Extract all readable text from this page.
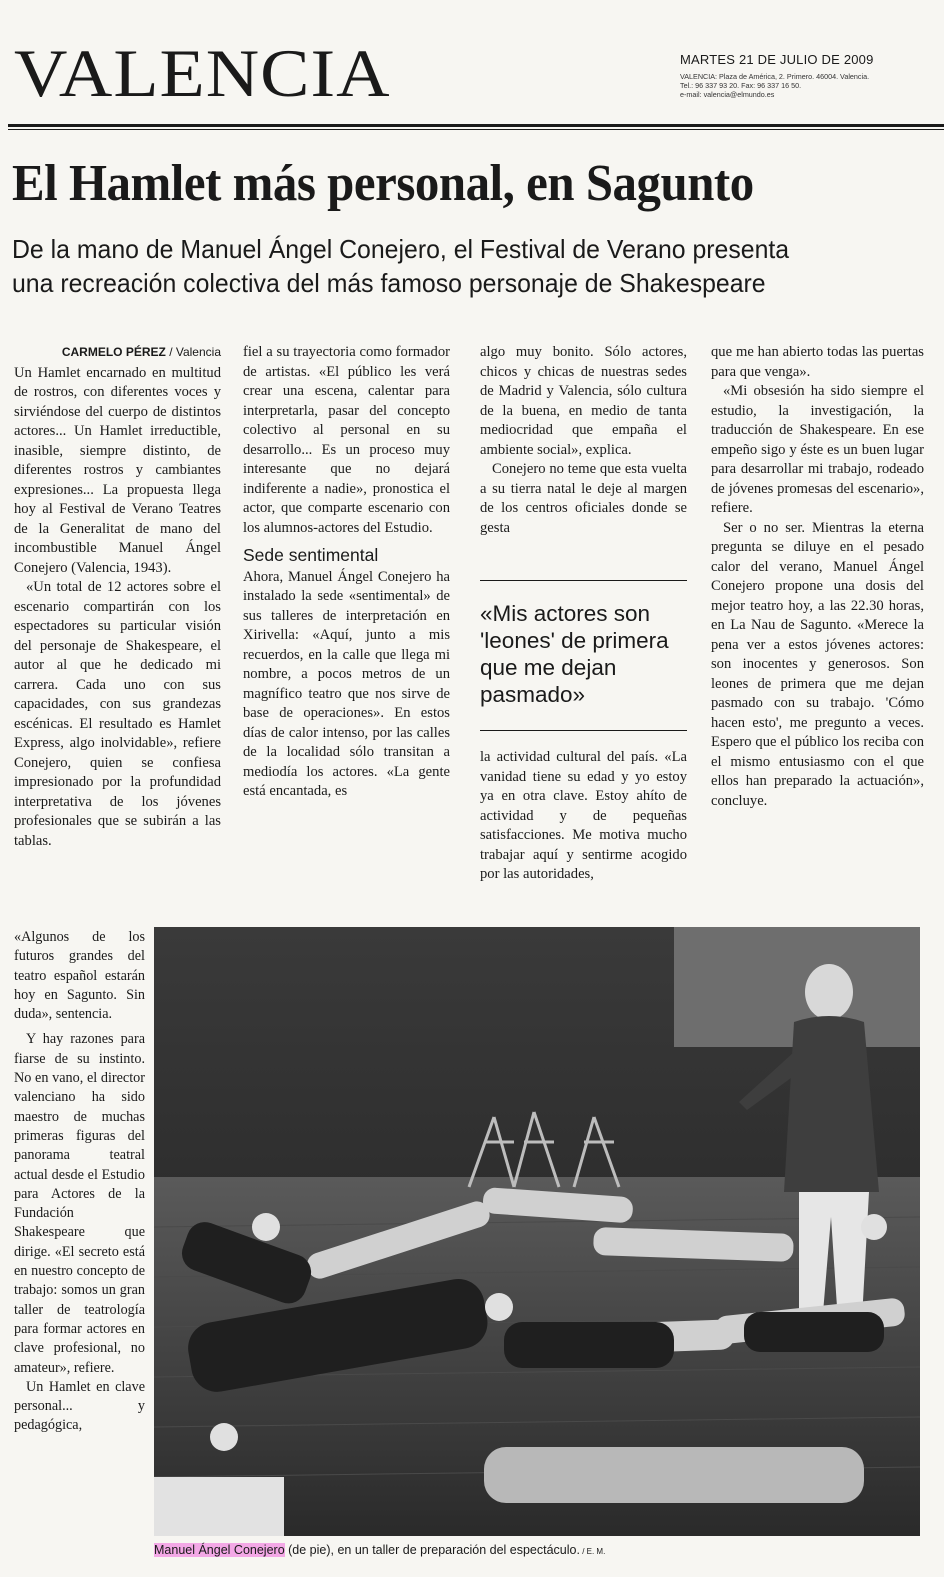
VALENCIA	MARTES 21 DE JULIO DE 2009
VALENCIA: Plaza de América, 2. Primero. 46004. Valencia.
Tel.: 96 337 93 20. Fax: 96 337 16 50.
e-mail: valencia@elmundo.es
El Hamlet más personal, en Sagunto
De la mano de Manuel Ángel Conejero, el Festival de Verano presenta
una recreación colectiva del más famoso personaje de Shakespeare
CARMELO PÉREZ / Valencia

Un Hamlet encarnado en multitud de rostros, con diferentes voces y sirviéndose del cuerpo de distintos actores... Un Hamlet irreductible, inasible, siempre distinto, de diferentes rostros y cambiantes expresiones... La propuesta llega hoy al Festival de Verano Teatres de la Generalitat de mano del incombustible Manuel Ángel Conejero (Valencia, 1943).

«Un total de 12 actores sobre el escenario compartirán con los espectadores su particular visión del personaje de Shakespeare, el autor al que he dedicado mi carrera. Cada uno con sus capacidades, con sus grandezas escénicas. El resultado es Hamlet Express, algo inolvidable», refiere Conejero, quien se confiesa impresionado por la profundidad interpretativa de los jóvenes profesionales que se subirán a las tablas.

«Algunos de los futuros grandes del teatro español estarán hoy en Sagunto. Sin duda», sentencia.

Y hay razones para fiarse de su instinto. No en vano, el director valenciano ha sido maestro de muchas primeras figuras del panorama teatral actual desde el Estudio para Actores de la Fundación Shakespeare que dirige. «El secreto está en nuestro concepto de trabajo: somos un gran taller de teatrología para formar actores en clave profesional, no amateur», refiere.

Un Hamlet en clave personal... y pedagógica,

fiel a su trayectoria como formador de artistas. «El público les verá crear una escena, calentar para interpretarla, pasar del concepto colectivo al personal en su desarrollo... Es un proceso muy interesante que no dejará indiferente a nadie», pronostica el actor, que comparte escenario con los alumnos-actores del Estudio.

Sede sentimental

Ahora, Manuel Ángel Conejero ha instalado la sede «sentimental» de sus talleres de interpretación en Xirivella: «Aquí, junto a mis recuerdos, en la calle que llega mi nombre, a pocos metros de un magnífico teatro que nos sirve de base de operaciones». En estos días de calor intenso, por las calles de la localidad sólo transitan a mediodía los actores. «La gente está encantada, es

algo muy bonito. Sólo actores, chicos y chicas de nuestras sedes de Madrid y Valencia, sólo cultura de la buena, en medio de tanta mediocridad que empaña el ambiente social», explica.

Conejero no teme que esta vuelta a su tierra natal le deje al margen de los centros oficiales donde se gesta

«Mis actores son 'leones' de primera que me dejan pasmado»

la actividad cultural del país. «La vanidad tiene su edad y yo estoy ya en otra clave. Estoy ahíto de actividad y de pequeñas satisfacciones. Me motiva mucho trabajar aquí y sentirme acogido por las autoridades,

que me han abierto todas las puertas para que venga».

«Mi obsesión ha sido siempre el estudio, la investigación, la traducción de Shakespeare. En ese empeño sigo y éste es un buen lugar para desarrollar mi trabajo, rodeado de jóvenes promesas del escenario», refiere.

Ser o no ser. Mientras la eterna pregunta se diluye en el pesado calor del verano, Manuel Ángel Conejero propone una dosis del mejor teatro hoy, a las 22.30 horas, en La Nau de Sagunto. «Merece la pena ver a estos jóvenes actores: son inocentes y generosos. Son leones de primera que me dejan pasmado con su trabajo. 'Cómo hacen esto', me pregunto a veces. Espero que el público los reciba con el mismo entusiasmo con el que ellos han preparado la actuación», concluye.

Manuel Ángel Conejero (de pie), en un taller de preparación del espectáculo. / E. M.
